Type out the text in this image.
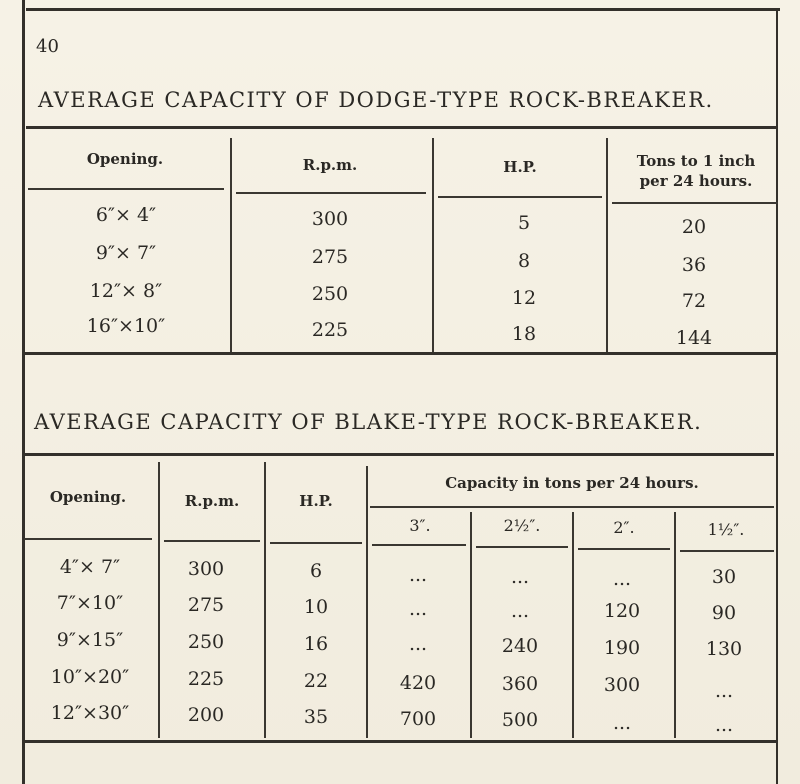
40
AVERAGE CAPACITY OF DODGE-TYPE ROCK-BREAKER.
Opening.	R.p.m.	H.P.	Tons to 1 inch
per 24 hours.
6″× 4″	300	5	20
9″× 7″	275	8	36
12″× 8″	250	12	72
16″×10″	225	18	144
AVERAGE CAPACITY OF BLAKE-TYPE ROCK-BREAKER.
Opening.	R.p.m.	H.P.
Capacity in tons per 24 hours.
3″.	2½″.	2″.	1½″.
4″× 7″	300	6	...	...	...	30
7″×10″	275	10	...	...	120	90
9″×15″	250	16	...	240	190	130
10″×20″	225	22	420	360	300	...
12″×30″	200	35	700	500	...	...
